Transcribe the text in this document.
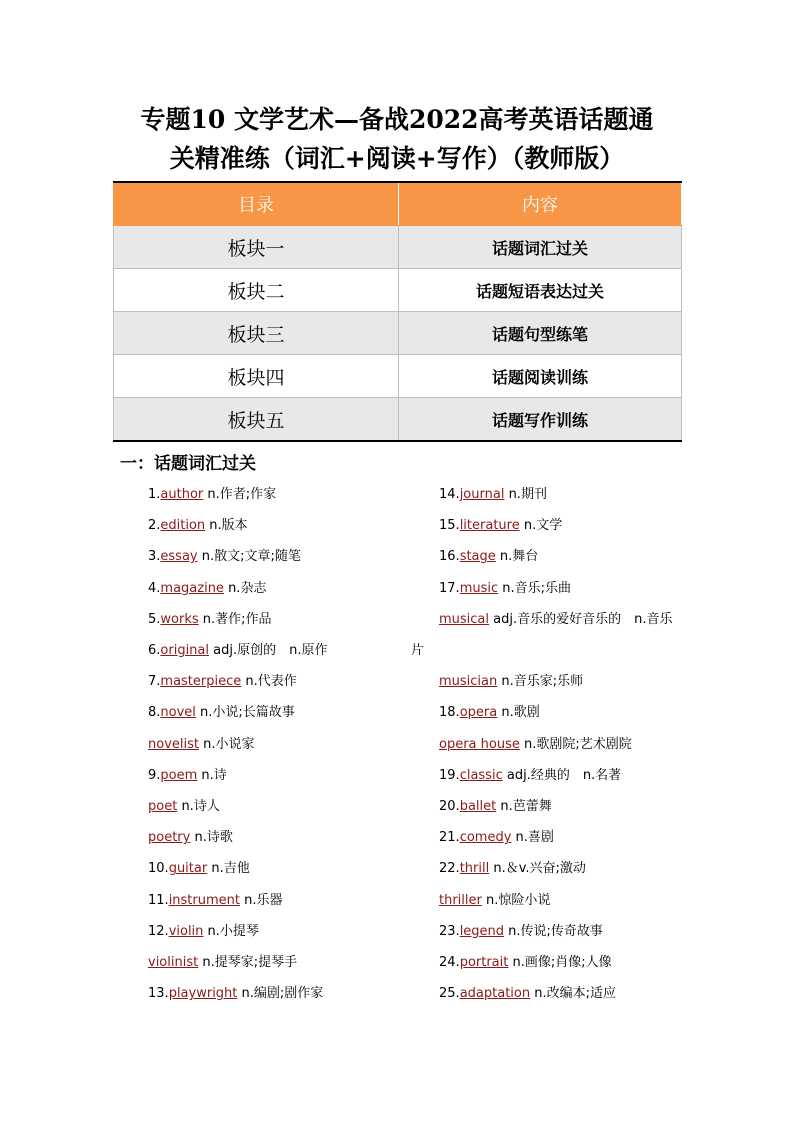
专题10 文学艺术—备战2022高考英语话题通
关精准练（词汇+阅读+写作）（教师版）
目录	内容
板块一	话题词汇过关
板块二	话题短语表达过关
板块三	话题句型练笔
板块四	话题阅读训练
板块五	话题写作训练
一：话题词汇过关
1.author n.作者;作家
2.edition n.版本
3.essay n.散文;文章;随笔
4.magazine n.杂志
5.works n.著作;作品
6.original adj.原创的　n.原作
7.masterpiece n.代表作
8.novel n.小说;长篇故事
novelist n.小说家
9.poem n.诗
poet n.诗人
poetry n.诗歌
10.guitar n.吉他
11.instrument n.乐器
12.violin n.小提琴
violinist n.提琴家;提琴手
13.playwright n.编剧;剧作家
14.journal n.期刊
15.literature n.文学
16.stage n.舞台
17.music n.音乐;乐曲
musical adj.音乐的爱好音乐的　n.音乐
片
musician n.音乐家;乐师
18.opera n.歌剧
opera house n.歌剧院;艺术剧院
19.classic adj.经典的　n.名著
20.ballet n.芭蕾舞
21.comedy n.喜剧
22.thrill n.＆v.兴奋;激动
thriller n.惊险小说
23.legend n.传说;传奇故事
24.portrait n.画像;肖像;人像
25.adaptation n.改编本;适应
